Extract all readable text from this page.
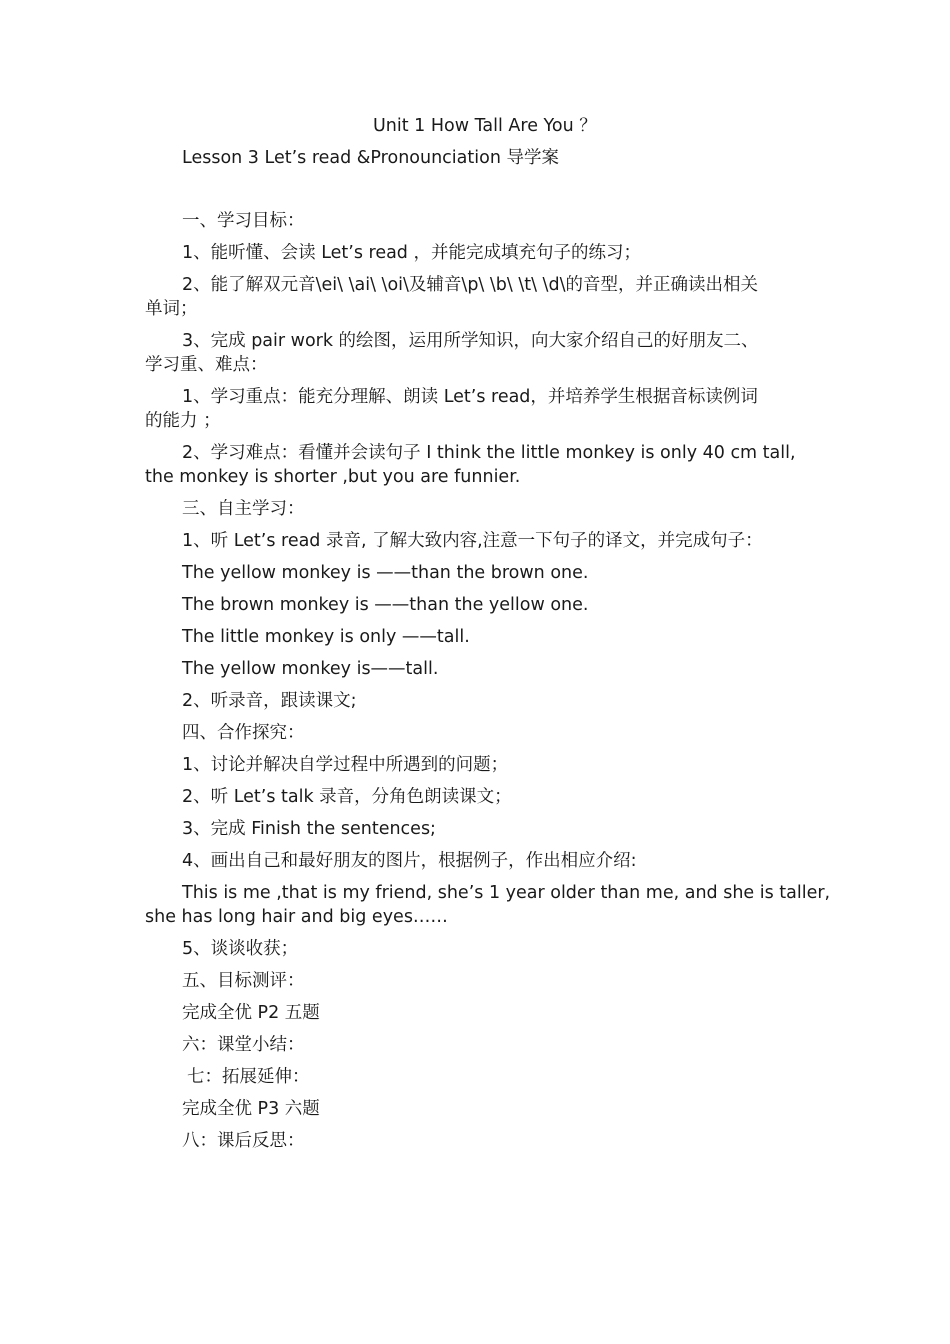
Unit 1 How Tall Are You ？

Lesson 3 Let’s read &Pronounciation 导学案

一、学习目标：

1、能听懂、会读 Let’s read ，并能完成填充句子的练习；

2、能了解双元音\ei\ \ai\ \oi\及辅音\p\ \b\ \t\ \d\的音型，并正确读出相关

单词；

3、完成 pair work 的绘图，运用所学知识，向大家介绍自己的好朋友二、

学习重、难点：

1、学习重点：能充分理解、朗读 Let’s read，并培养学生根据音标读例词

的能力 ；

2、学习难点：看懂并会读句子 I think the little monkey is only 40 cm tall,

the monkey is shorter ,but you are funnier.

三、自主学习：

1、听 Let’s read 录音, 了解大致内容,注意一下句子的译文，并完成句子：

The yellow monkey is ——than the brown one.

The brown monkey is ——than the yellow one.

The little monkey is only ——tall.

The yellow monkey is——tall.

2、听录音，跟读课文;

四、合作探究：

1、讨论并解决自学过程中所遇到的问题；

2、听 Let’s talk 录音，分角色朗读课文；

3、完成 Finish the sentences;

4、画出自己和最好朋友的图片，根据例子，作出相应介绍:

This is me ,that is my friend, she’s 1 year older than me, and she is taller,

she has long hair and big eyes……

5、谈谈收获；

五、目标测评：

完成全优 P2 五题

六：课堂小结：

七：拓展延伸：

完成全优 P3 六题

八：课后反思：
